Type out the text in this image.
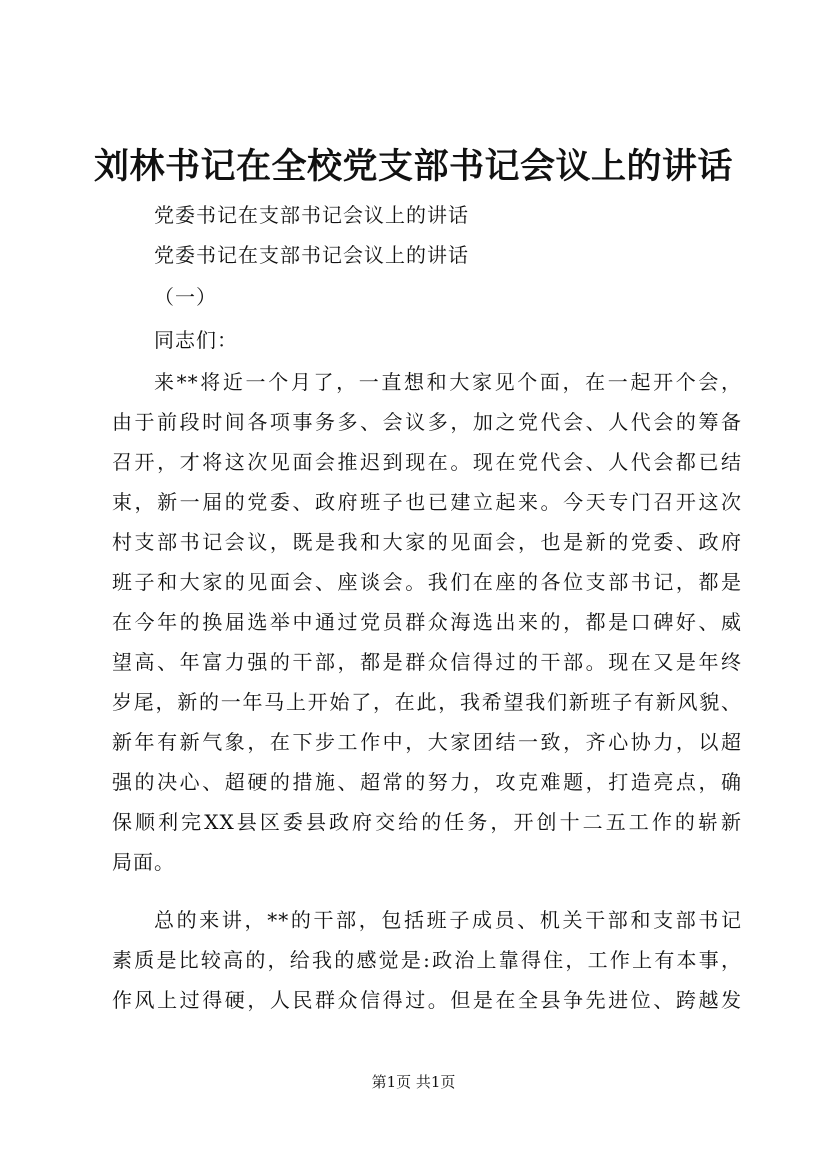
刘林书记在全校党支部书记会议上的讲话
党委书记在支部书记会议上的讲话
党委书记在支部书记会议上的讲话
（一）
同志们：
来**将近一个月了，一直想和大家见个面，在一起开个会，
由于前段时间各项事务多、会议多，加之党代会、人代会的筹备
召开，才将这次见面会推迟到现在。现在党代会、人代会都已结
束，新一届的党委、政府班子也已建立起来。今天专门召开这次
村支部书记会议，既是我和大家的见面会，也是新的党委、政府
班子和大家的见面会、座谈会。我们在座的各位支部书记，都是
在今年的换届选举中通过党员群众海选出来的，都是口碑好、威
望高、年富力强的干部，都是群众信得过的干部。现在又是年终
岁尾，新的一年马上开始了，在此，我希望我们新班子有新风貌、
新年有新气象，在下步工作中，大家团结一致，齐心协力，以超
强的决心、超硬的措施、超常的努力，攻克难题，打造亮点，确
保顺利完XX县区委县政府交给的任务，开创十二五工作的崭新
局面。
总的来讲，**的干部，包括班子成员、机关干部和支部书记
素质是比较高的，给我的感觉是:政治上靠得住，工作上有本事，
作风上过得硬，人民群众信得过。但是在全县争先进位、跨越发
第1页 共1页
